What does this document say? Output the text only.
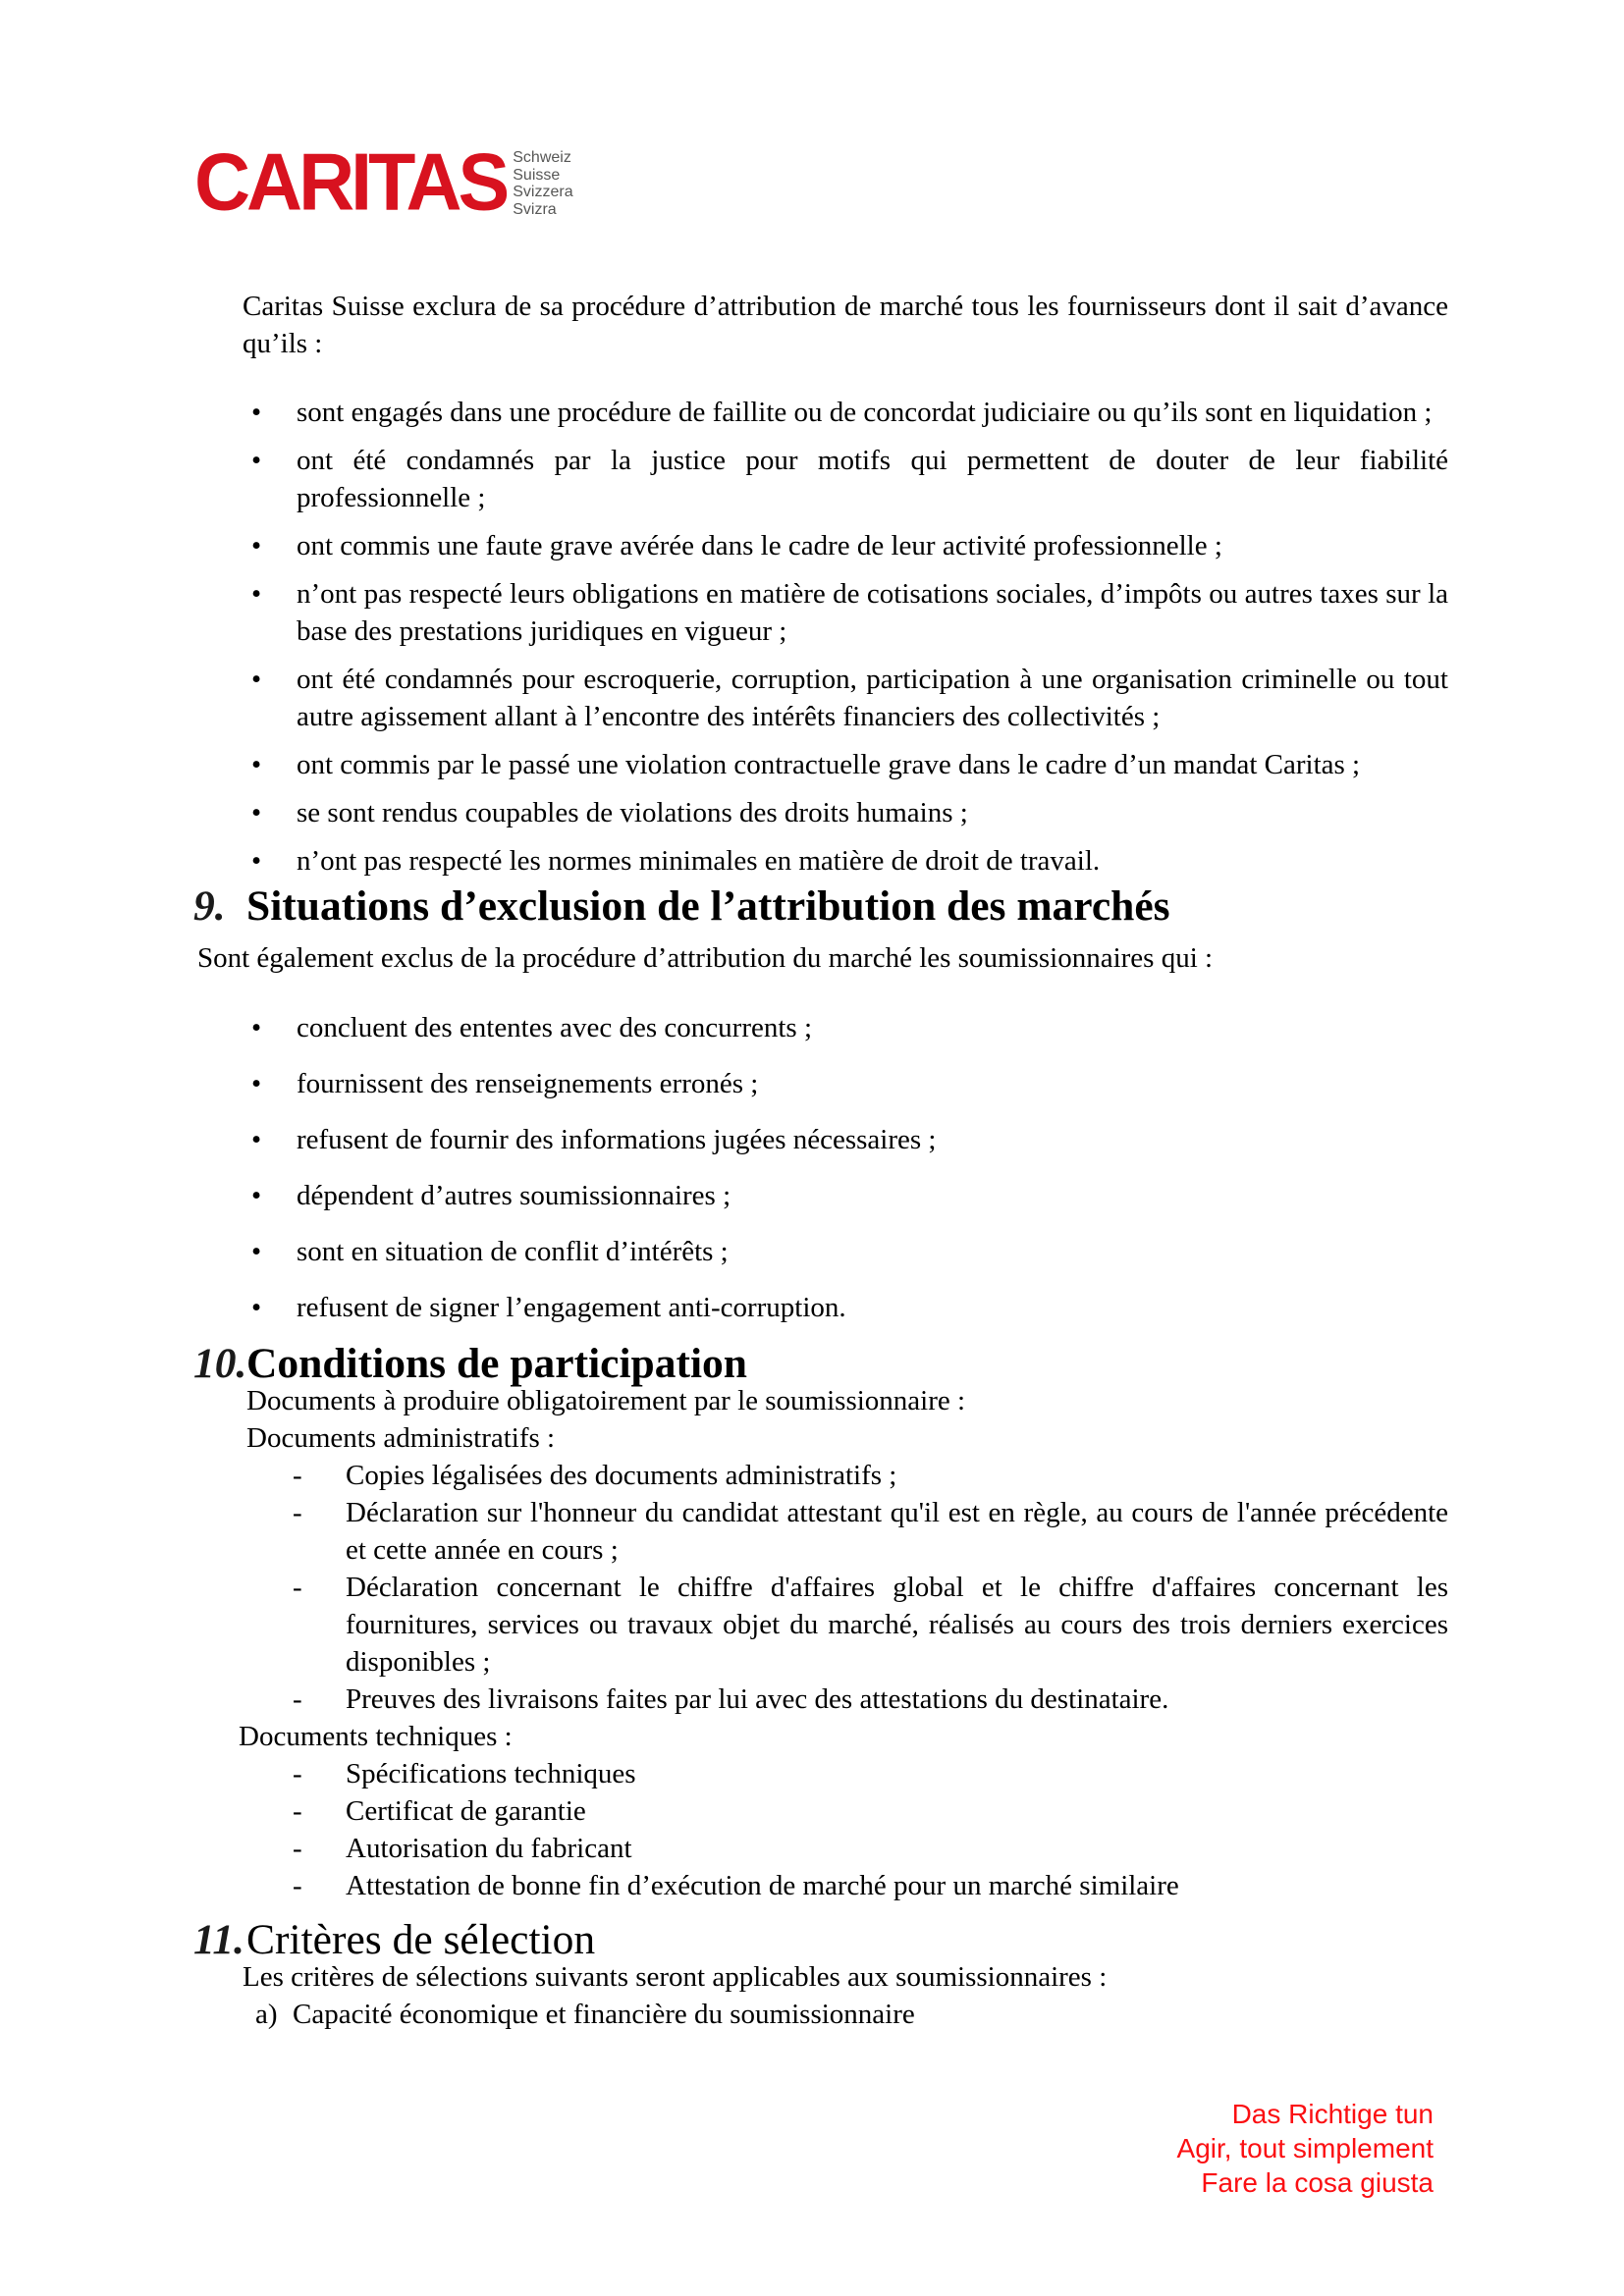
CARITAS Schweiz
Suisse
Svizzera
Svizra

Caritas Suisse exclura de sa procédure d’attribution de marché tous les fournisseurs dont il sait d’avance qu’ils :

• sont engagés dans une procédure de faillite ou de concordat judiciaire ou qu’ils sont en liquidation ;
• ont été condamnés par la justice pour motifs qui permettent de douter de leur fiabilité professionnelle ;
• ont commis une faute grave avérée dans le cadre de leur activité professionnelle ;
• n’ont pas respecté leurs obligations en matière de cotisations sociales, d’impôts ou autres taxes sur la base des prestations juridiques en vigueur ;
• ont été condamnés pour escroquerie, corruption, participation à une organisation criminelle ou tout autre agissement allant à l’encontre des intérêts financiers des collectivités ;
• ont commis par le passé une violation contractuelle grave dans le cadre d’un mandat Caritas ;
• se sont rendus coupables de violations des droits humains ;
• n’ont pas respecté les normes minimales en matière de droit de travail.
9. Situations d’exclusion de l’attribution des marchés

Sont également exclus de la procédure d’attribution du marché les soumissionnaires qui :

• concluent des ententes avec des concurrents ;
• fournissent des renseignements erronés ;
• refusent de fournir des informations jugées nécessaires ;
• dépendent d’autres soumissionnaires ;
• sont en situation de conflit d’intérêts ;
• refusent de signer l’engagement anti-corruption.
10. Conditions de participation

Documents à produire obligatoirement par le soumissionnaire :

Documents administratifs :

- Copies légalisées des documents administratifs ;
- Déclaration sur l'honneur du candidat attestant qu'il est en règle, au cours de l'année précédente et cette année en cours ;
- Déclaration concernant le chiffre d'affaires global et le chiffre d'affaires concernant les fournitures, services ou travaux objet du marché, réalisés au cours des trois derniers exercices disponibles ;
- Preuves des livraisons faites par lui avec des attestations du destinataire.

Documents techniques :

- Spécifications techniques
- Certificat de garantie
- Autorisation du fabricant
- Attestation de bonne fin d’exécution de marché pour un marché similaire
11. Critères de sélection

Les critères de sélections suivants seront applicables aux soumissionnaires :

a) Capacité économique et financière du soumissionnaire

Das Richtige tun
Agir, tout simplement
Fare la cosa giusta
